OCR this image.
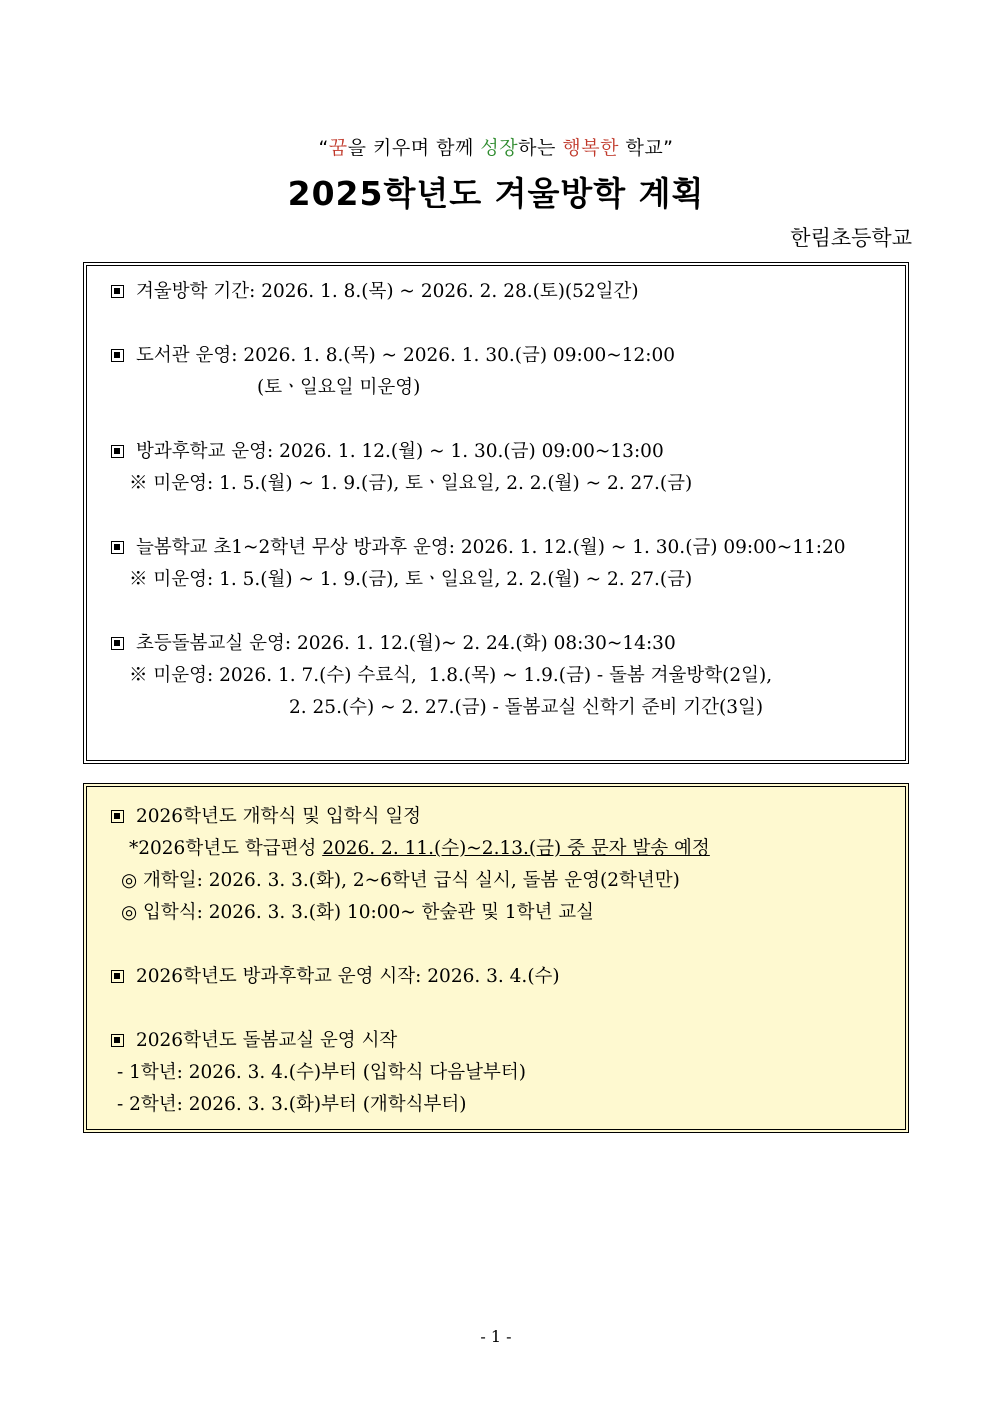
“꿈을 키우며 함께 성장하는 행복한 학교”
2025학년도 겨울방학 계획
한림초등학교
겨울방학 기간: 2026. 1. 8.(목) ~ 2026. 2. 28.(토)(52일간)
도서관 운영: 2026. 1. 8.(목) ~ 2026. 1. 30.(금) 09:00~12:00
(토ㆍ일요일 미운영)
방과후학교 운영: 2026. 1. 12.(월) ~ 1. 30.(금) 09:00~13:00
※ 미운영: 1. 5.(월) ~ 1. 9.(금), 토ㆍ일요일, 2. 2.(월) ~ 2. 27.(금)
늘봄학교 초1~2학년 무상 방과후 운영: 2026. 1. 12.(월) ~ 1. 30.(금) 09:00~11:20
※ 미운영: 1. 5.(월) ~ 1. 9.(금), 토ㆍ일요일, 2. 2.(월) ~ 2. 27.(금)
초등돌봄교실 운영: 2026. 1. 12.(월)~ 2. 24.(화) 08:30~14:30
※ 미운영: 2026. 1. 7.(수) 수료식,  1.8.(목) ~ 1.9.(금) - 돌봄 겨울방학(2일),
2. 25.(수) ~ 2. 27.(금) - 돌봄교실 신학기 준비 기간(3일)
2026학년도 개학식 및 입학식 일정
*2026학년도 학급편성 2026. 2. 11.(수)~2.13.(금) 중 문자 발송 예정
◎ 개학일: 2026. 3. 3.(화), 2~6학년 급식 실시, 돌봄 운영(2학년만)
◎ 입학식: 2026. 3. 3.(화) 10:00~ 한숲관 및 1학년 교실
2026학년도 방과후학교 운영 시작: 2026. 3. 4.(수)
2026학년도 돌봄교실 운영 시작
- 1학년: 2026. 3. 4.(수)부터 (입학식 다음날부터)
- 2학년: 2026. 3. 3.(화)부터 (개학식부터)
- 1 -
